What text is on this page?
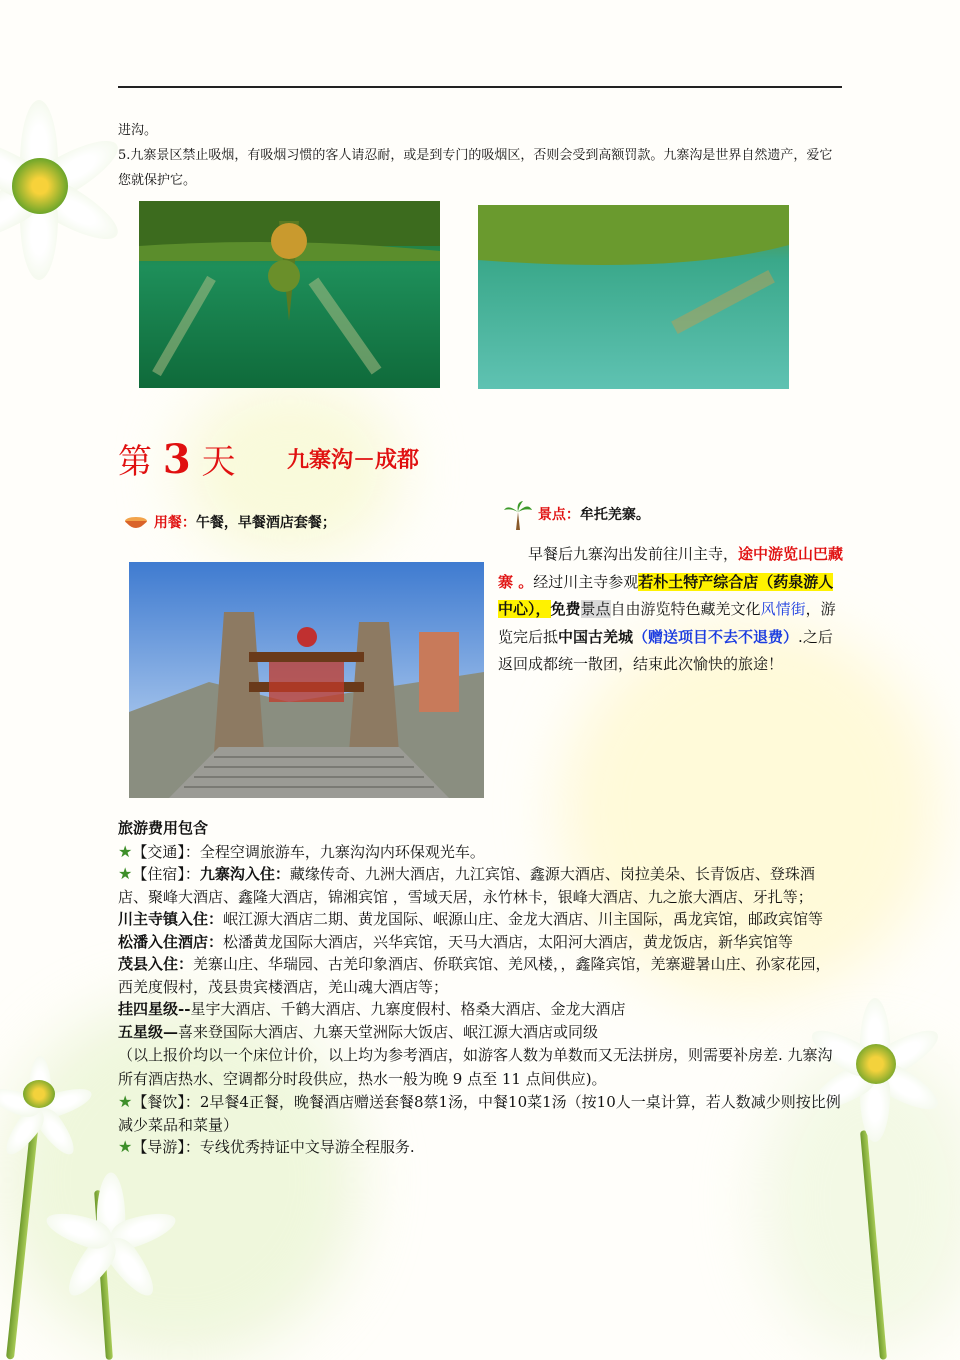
进沟。
5.九寨景区禁止吸烟，有吸烟习惯的客人请忍耐，或是到专门的吸烟区，否则会受到高额罚款。九寨沟是世界自然遗产，爱它您就保护它。
第 3 天 九寨沟－成都
用餐：午餐，早餐酒店套餐；	景点：牟托羌寨。
早餐后九寨沟出发前往川主寺，途中游览山巴藏寨 。经过川主寺参观若朴土特产综合店（药泉游人中心），免费景点自由游览特色藏羌文化风情街，游览完后抵中国古羌城（赠送项目不去不退费）.之后返回成都统一散团，结束此次愉快的旅途！

旅游费用包含

★【交通】：全程空调旅游车，九寨沟沟内环保观光车。

★【住宿】：九寨沟入住：藏缘传奇、九洲大酒店，九江宾馆、鑫源大酒店、岗拉美朵、长青饭店、登珠酒店、聚峰大酒店、鑫隆大酒店，锦湘宾馆 ，雪域天居，永竹林卡，银峰大酒店、九之旅大酒店、牙扎等；

川主寺镇入住：岷江源大酒店二期、黄龙国际、岷源山庄、金龙大酒店、川主国际，禹龙宾馆，邮政宾馆等

松潘入住酒店：松潘黄龙国际大酒店，兴华宾馆，天马大酒店，太阳河大酒店，黄龙饭店，新华宾馆等

茂县入住：羌寨山庄、华瑞园、古羌印象酒店、侨联宾馆、羌风楼，，鑫隆宾馆，羌寨避暑山庄、孙家花园，西羌度假村，茂县贵宾楼酒店，羌山魂大酒店等；

挂四星级--星宇大酒店、千鹤大酒店、九寨度假村、格桑大酒店、金龙大酒店

五星级—喜来登国际大酒店、九寨天堂洲际大饭店、岷江源大酒店或同级

（以上报价均以一个床位计价，以上均为参考酒店，如游客人数为单数而又无法拼房，则需要补房差. 九寨沟所有酒店热水、空调都分时段供应，热水一般为晚 9 点至 11 点间供应)。

★【餐饮】：2早餐4正餐，晚餐酒店赠送套餐8蔡1汤，中餐10菜1汤（按10人一桌计算，若人数减少则按比例减少菜品和菜量）

★【导游】：专线优秀持证中文导游全程服务.
